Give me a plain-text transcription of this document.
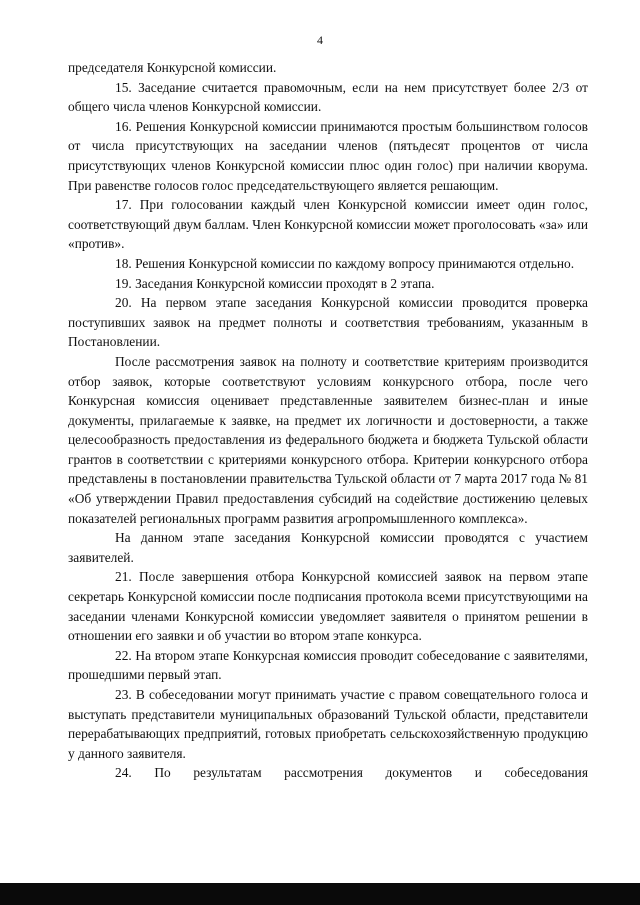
4

председателя Конкурсной комиссии.

15. Заседание считается правомочным, если на нем присутствует более 2/3 от общего числа членов Конкурсной комиссии.

16. Решения Конкурсной комиссии принимаются простым большинством голосов от числа присутствующих на заседании членов (пятьдесят процентов от числа присутствующих членов Конкурсной комиссии плюс один голос) при наличии кворума. При равенстве голосов голос председательствующего является решающим.

17. При голосовании каждый член Конкурсной комиссии имеет один голос, соответствующий двум баллам. Член Конкурсной комиссии может проголосовать «за» или «против».

18. Решения Конкурсной комиссии по каждому вопросу принимаются отдельно.

19. Заседания Конкурсной комиссии проходят в 2 этапа.

20. На первом этапе заседания Конкурсной комиссии проводится проверка поступивших заявок на предмет полноты и соответствия требованиям, указанным в Постановлении.

После рассмотрения заявок на полноту и соответствие критериям производится отбор заявок, которые соответствуют условиям конкурсного отбора, после чего Конкурсная комиссия оценивает представленные заявителем бизнес-план и иные документы, прилагаемые к заявке, на предмет их логичности и достоверности, а также целесообразность предоставления из федерального бюджета и бюджета Тульской области грантов в соответствии с критериями конкурсного отбора. Критерии конкурсного отбора представлены в постановлении правительства Тульской области от 7 марта 2017 года № 81 «Об утверждении Правил предоставления субсидий на содействие достижению целевых показателей региональных программ развития агропромышленного комплекса».

На данном этапе заседания Конкурсной комиссии проводятся с участием заявителей.

21. После завершения отбора Конкурсной комиссией заявок на первом этапе секретарь Конкурсной комиссии после подписания протокола всеми присутствующими на заседании членами Конкурсной комиссии уведомляет заявителя о принятом решении в отношении его заявки и об участии во втором этапе конкурса.

22. На втором этапе Конкурсная комиссия проводит собеседование с заявителями, прошедшими первый этап.

23. В собеседовании могут принимать участие с правом совещательного голоса и выступать представители муниципальных образований Тульской области, представители перерабатывающих предприятий, готовых приобретать сельскохозяйственную продукцию у данного заявителя.

24. По результатам рассмотрения документов и собеседования
